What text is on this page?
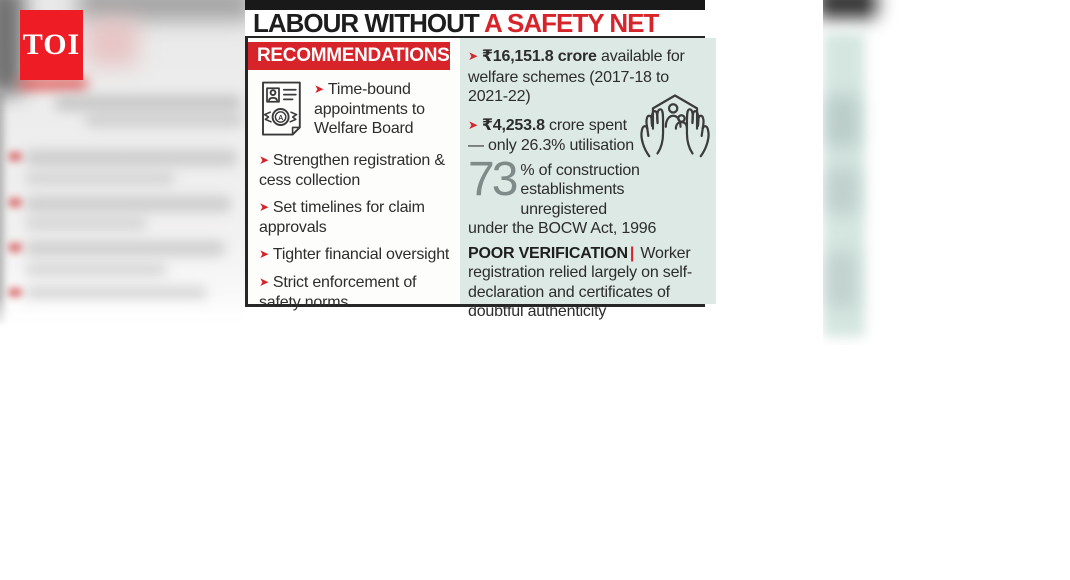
TOI
LABOUR WITHOUT A SAFETY NET
RECOMMENDATIONS
A

➤ Time-bound appointments to Welfare Board

➤ Strengthen registration & cess collection

➤ Set timelines for claim approvals

➤ Tighter financial oversight

➤ Strict enforcement of safety norms

➤ ₹16,151.8 crore available for welfare schemes (2017-18 to 2021-22)
➤ ₹4,253.8 crore spent
— only 26.3% utilisation
73 % of construction establishments unregistered
under the BOCW Act, 1996
POOR VERIFICATION | Worker registration relied largely on self-declaration and certificates of doubtful authenticity
